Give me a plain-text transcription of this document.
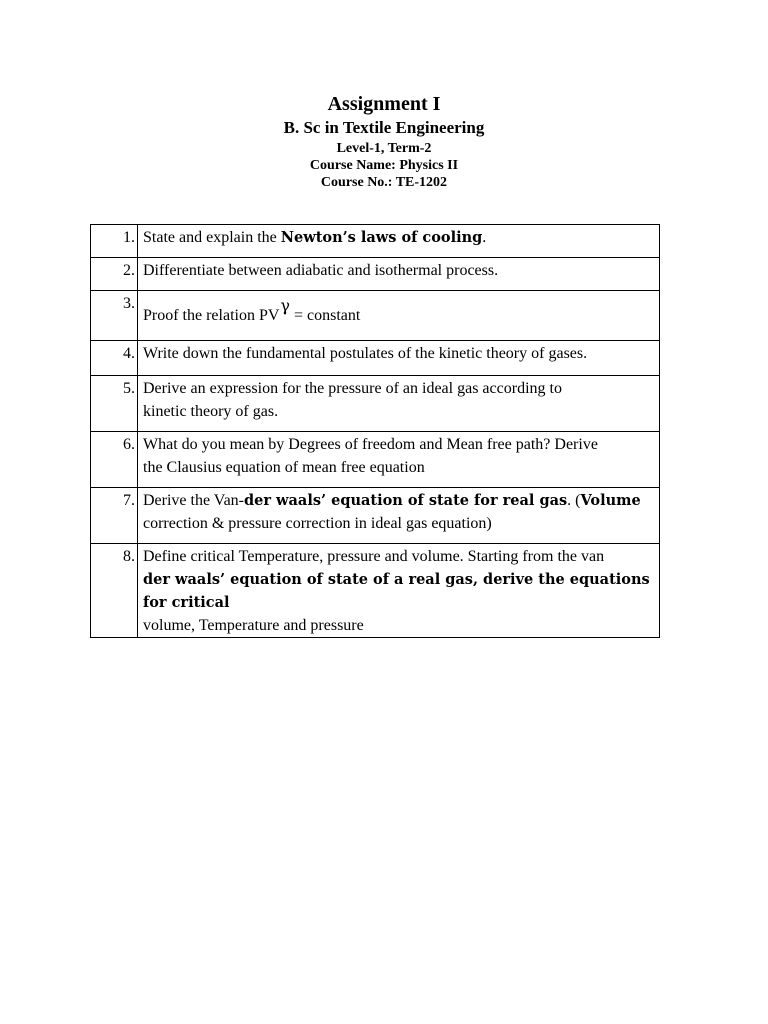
Assignment I
B. Sc in Textile Engineering
Level-1, Term-2
Course Name: Physics II
Course No.: TE-1202
1.	State and explain the Newton’s laws of cooling.
2.	Differentiate between adiabatic and isothermal process.
3.	Proof the relation PVγ = constant
4.	Write down the fundamental postulates of the kinetic theory of gases.
5.	Derive an expression for the pressure of an ideal gas according to
kinetic theory of gas.

6.	What do you mean by Degrees of freedom and Mean free path? Derive
the Clausius equation of mean free equation

7.	Derive the Van-der waals’ equation of state for real gas. (Volume
correction & pressure correction in ideal gas equation)

8.	Define critical Temperature, pressure and volume. Starting from the van
der waals’ equation of state of a real gas, derive the equations for critical
volume, Temperature and pressure
